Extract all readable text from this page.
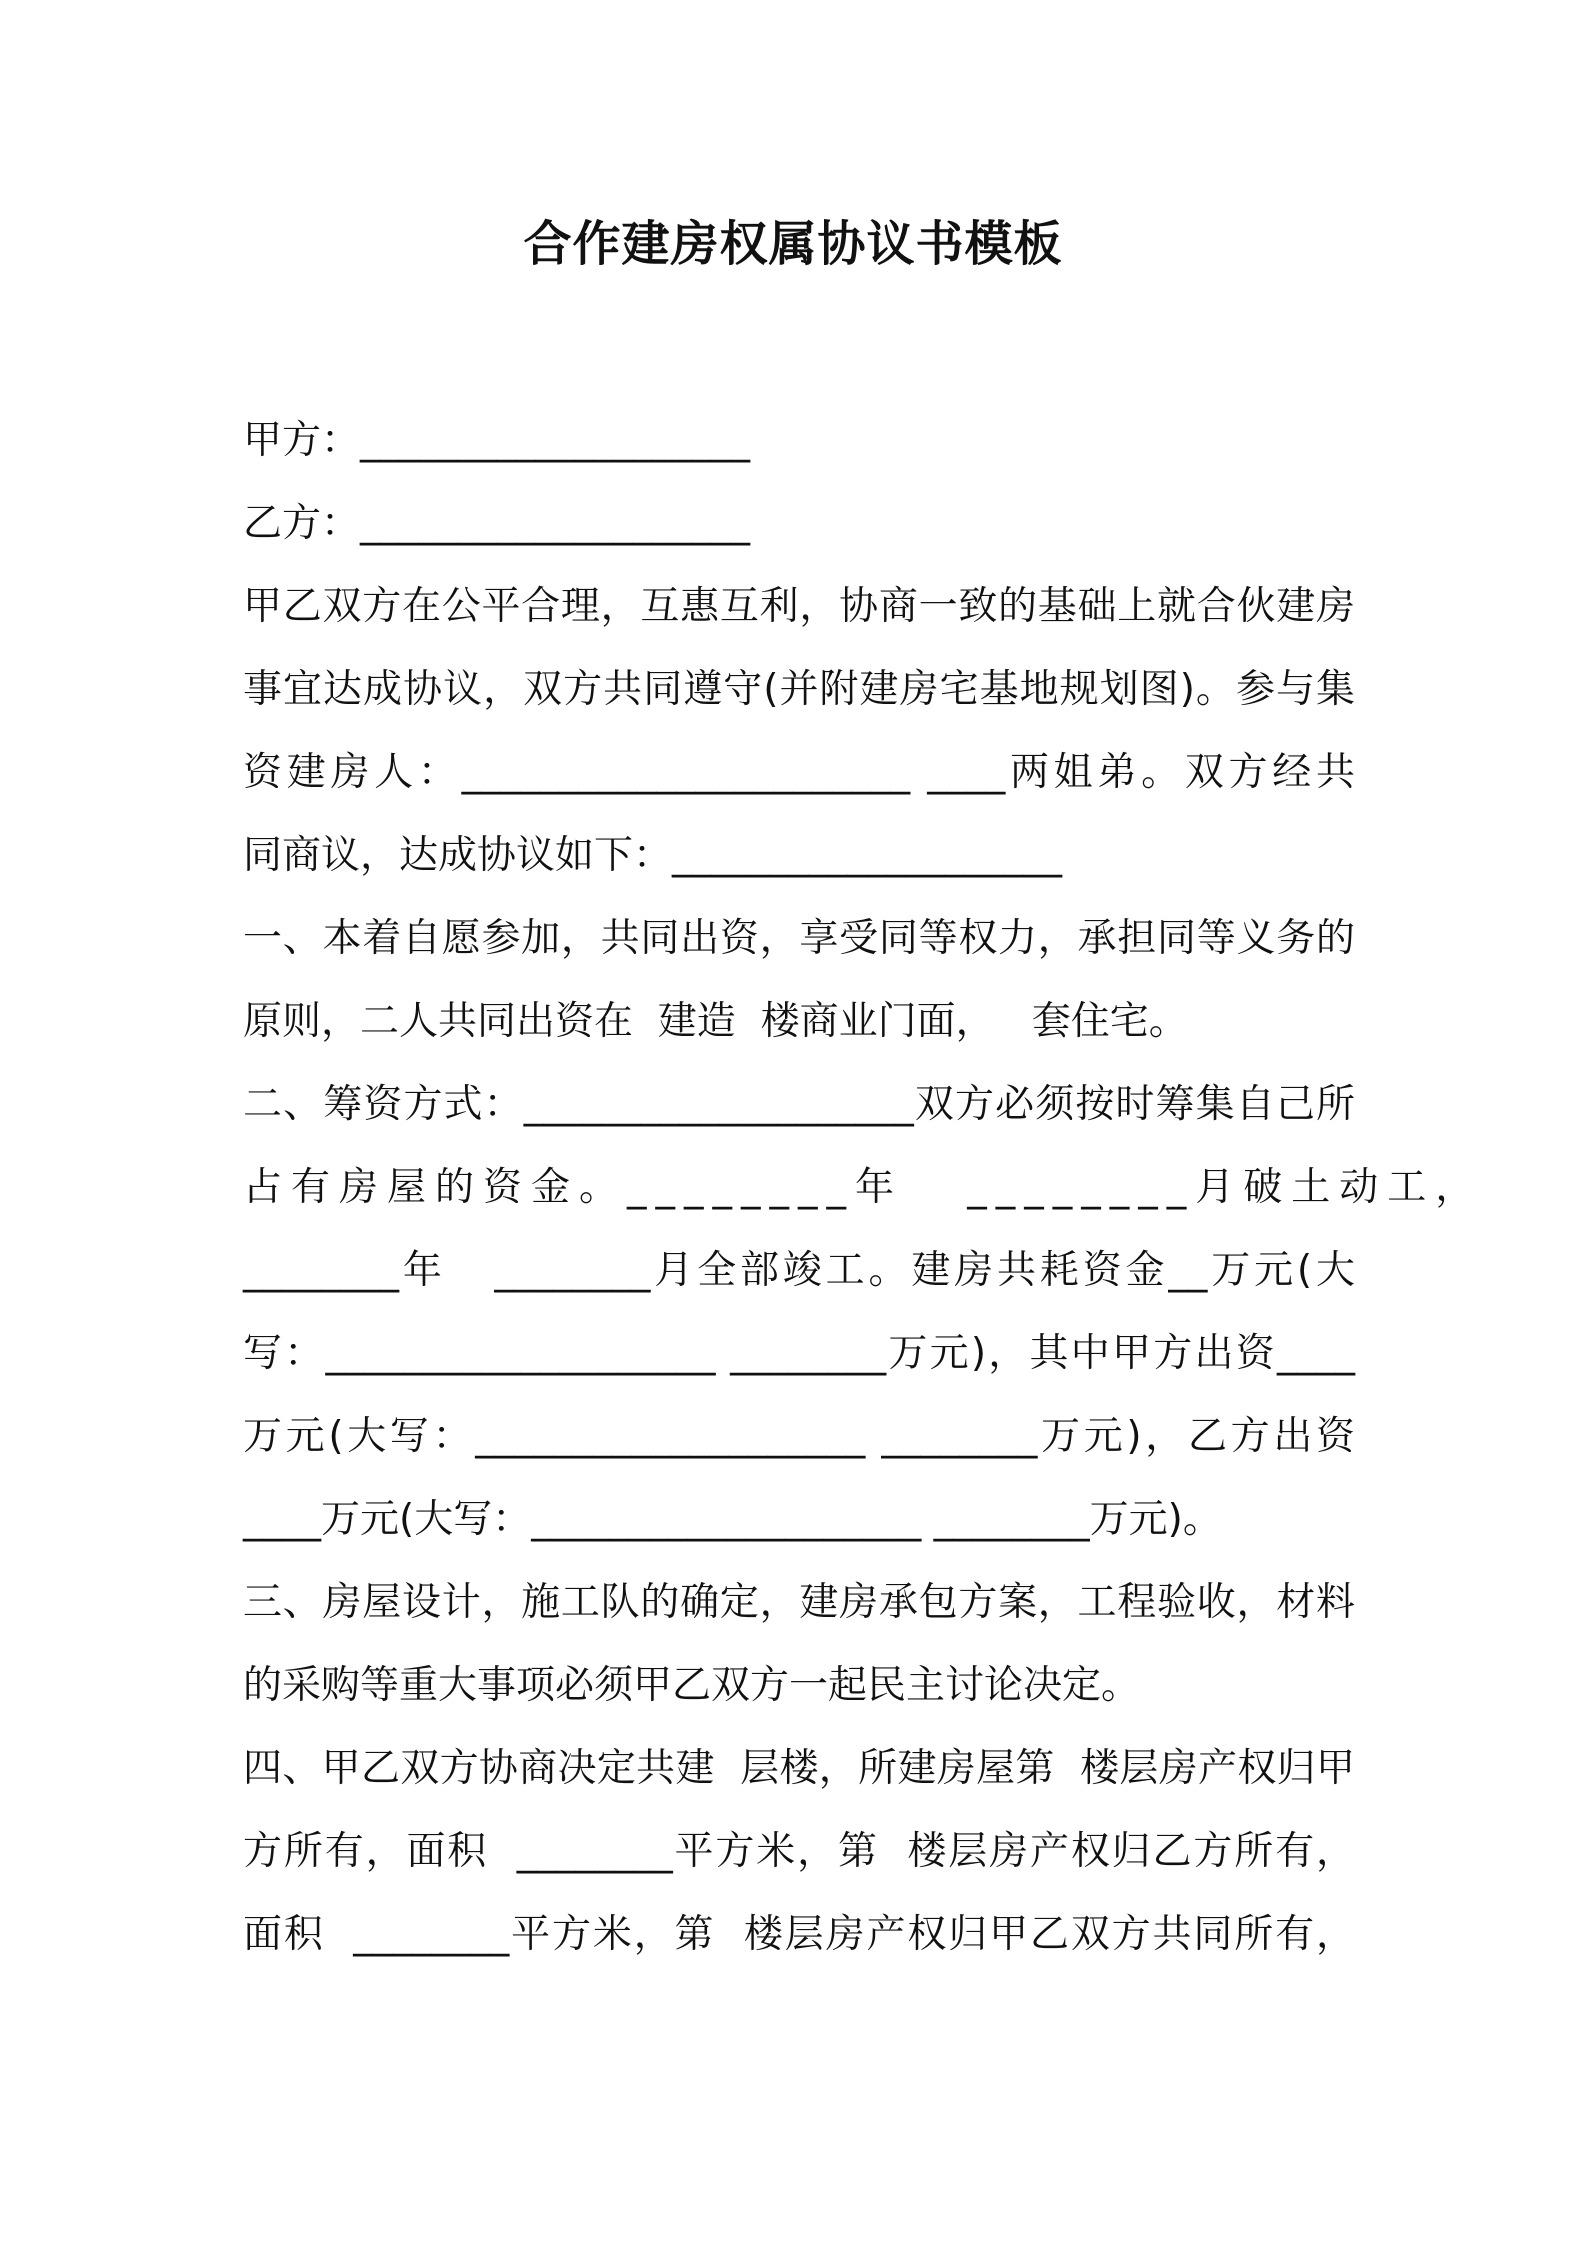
合作建房权属协议书模板
甲方：____________________
乙方：____________________
甲乙双方在公平合理，互惠互利，协商一致的基础上就合伙建房
事宜达成协议，双方共同遵守(并附建房宅基地规划图)。参与集
资建房人：_______________________ ____两姐弟。双方经共
同商议，达成协议如下：____________________
一、本着自愿参加，共同出资，享受同等权力，承担同等义务的
原则，二人共同出资在  建造  楼商业门面，   套住宅。
二、筹资方式：____________________双方必须按时筹集自己所
占有房屋的资金。________年   ________月破土动工，
________年   ________月全部竣工。建房共耗资金__万元(大
写：____________________ ________万元)，其中甲方出资____
万元(大写：____________________ ________万元)，乙方出资
____万元(大写：____________________ ________万元)。
三、房屋设计，施工队的确定，建房承包方案，工程验收，材料
的采购等重大事项必须甲乙双方一起民主讨论决定。
四、甲乙双方协商决定共建  层楼，所建房屋第  楼层房产权归甲
方所有，面积  ________平方米，第  楼层房产权归乙方所有，
面积  ________平方米，第  楼层房产权归甲乙双方共同所有，
